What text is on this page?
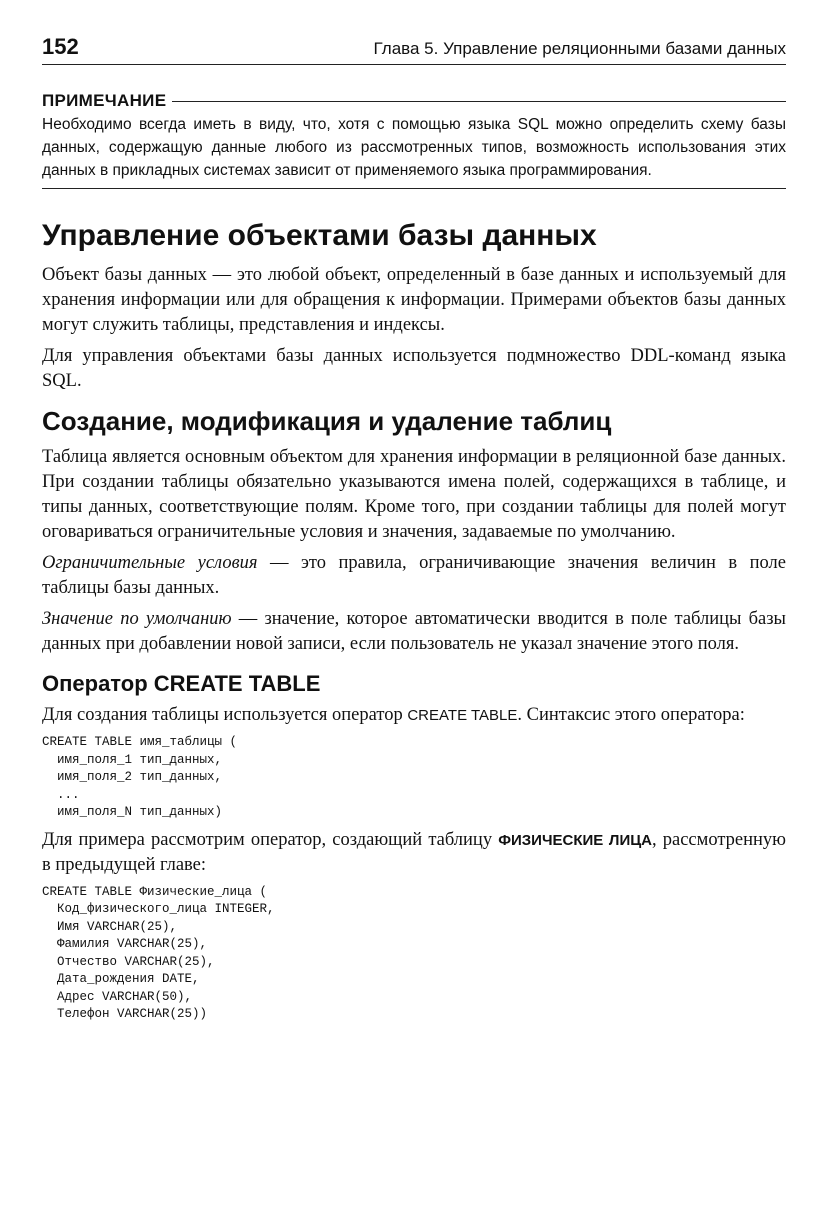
152	Глава 5. Управление реляционными базами данных
ПРИМЕЧАНИЕ

Необходимо всегда иметь в виду, что, хотя с помощью языка SQL можно определить схему базы данных, содержащую данные любого из рассмотренных типов, возможность использования этих данных в прикладных системах зависит от применяемого языка программирования.

Управление объектами базы данных

Объект базы данных — это любой объект, определенный в базе данных и используемый для хранения информации или для обращения к информации. Примерами объектов базы данных могут служить таблицы, представления и индексы.

Для управления объектами базы данных используется подмножество DDL-команд языка SQL.

Создание, модификация и удаление таблиц

Таблица является основным объектом для хранения информации в реляционной базе данных. При создании таблицы обязательно указываются имена полей, содержащихся в таблице, и типы данных, соответствующие полям. Кроме того, при создании таблицы для полей могут оговариваться ограничительные условия и значения, задаваемые по умолчанию.

Ограничительные условия — это правила, ограничивающие значения величин в поле таблицы базы данных.

Значение по умолчанию — значение, которое автоматически вводится в поле таблицы базы данных при добавлении новой записи, если пользователь не указал значение этого поля.

Оператор CREATE TABLE

Для создания таблицы используется оператор CREATE TABLE. Синтаксис этого оператора:

CREATE TABLE имя_таблицы (
имя_поля_1 тип_данных,
имя_поля_2 тип_данных,
...
имя_поля_N тип_данных)

Для примера рассмотрим оператор, создающий таблицу ФИЗИЧЕСКИЕ ЛИЦА, рассмотренную в предыдущей главе:

CREATE TABLE Физические_лица (
Код_физического_лица INTEGER,
Имя VARCHAR(25),
Фамилия VARCHAR(25),
Отчество VARCHAR(25),
Дата_рождения DATE,
Адрес VARCHAR(50),
Телефон VARCHAR(25))
